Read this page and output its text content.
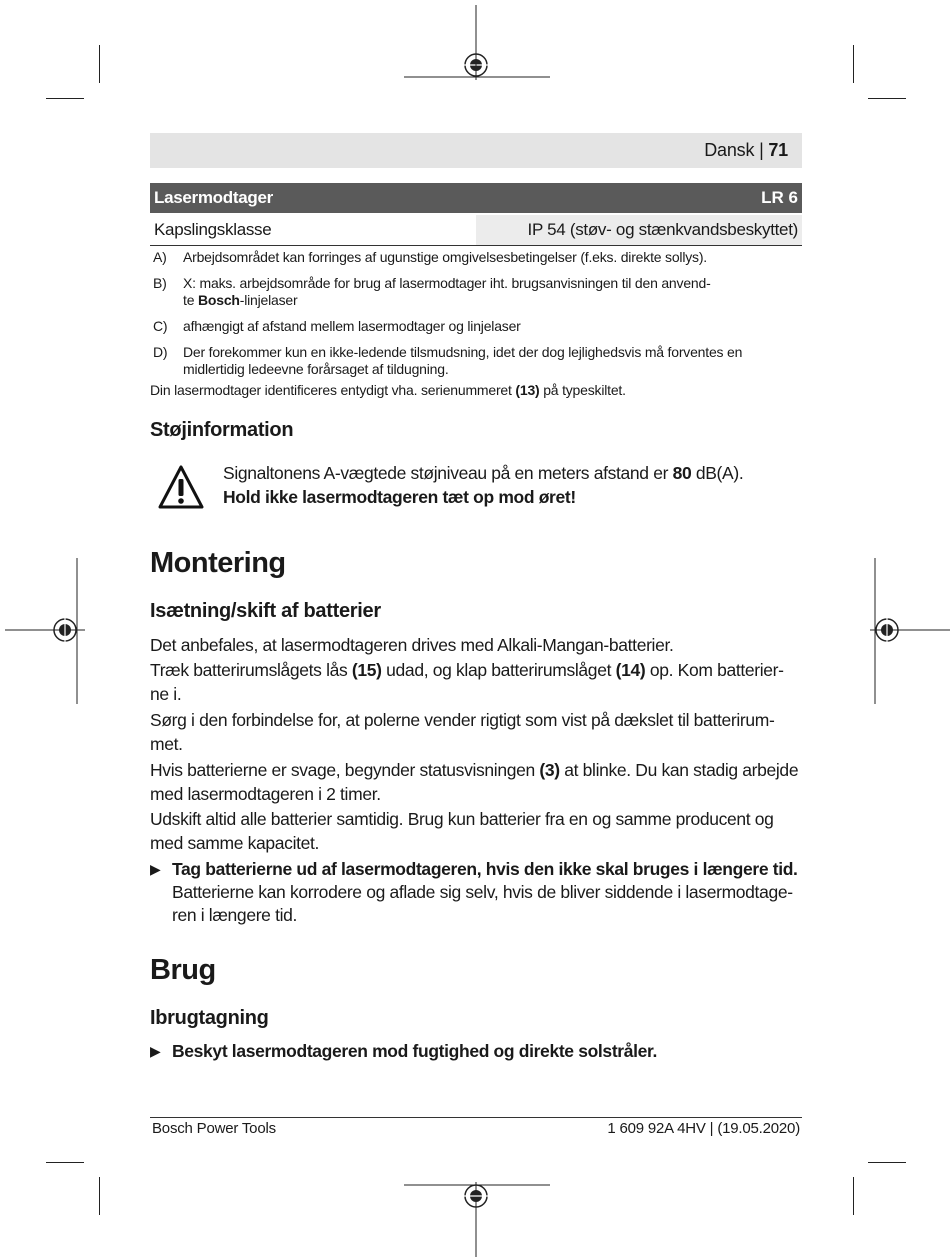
Dansk | 71
Lasermodtager	LR 6
Kapslingsklasse	IP 54 (støv- og stænkvandsbeskyttet)
A) Arbejdsområdet kan forringes af ugunstige omgivelsesbetingelser (f.eks. direkte sollys).
B) X: maks. arbejdsområde for brug af lasermodtager iht. brugsanvisningen til den anvend-
te Bosch-linjelaser
C) afhængigt af afstand mellem lasermodtager og linjelaser
D) Der forekommer kun en ikke-ledende tilsmudsning, idet der dog lejlighedsvis må forventes en
midlertidig ledeevne forårsaget af tildugning.
Din lasermodtager identificeres entydigt vha. serienummeret (13) på typeskiltet.
Støjinformation
Signaltonens A-vægtede støjniveau på en meters afstand er 80 dB(A).
Hold ikke lasermodtageren tæt op mod øret!
Montering
Isætning/skift af batterier
Det anbefales, at lasermodtageren drives med Alkali-Mangan-batterier.
Træk batterirumslågets lås (15) udad, og klap batterirumslåget (14) op. Kom batterier-
ne i.
Sørg i den forbindelse for, at polerne vender rigtigt som vist på dækslet til batterirum-
met.
Hvis batterierne er svage, begynder statusvisningen (3) at blinke. Du kan stadig arbejde
med lasermodtageren i 2 timer.
Udskift altid alle batterier samtidig. Brug kun batterier fra en og samme producent og
med samme kapacitet.
▶ Tag batterierne ud af lasermodtageren, hvis den ikke skal bruges i længere tid.
Batterierne kan korrodere og aflade sig selv, hvis de bliver siddende i lasermodtage-
ren i længere tid.
Brug
Ibrugtagning
▶ Beskyt lasermodtageren mod fugtighed og direkte solstråler.
Bosch Power Tools	1 609 92A 4HV | (19.05.2020)
